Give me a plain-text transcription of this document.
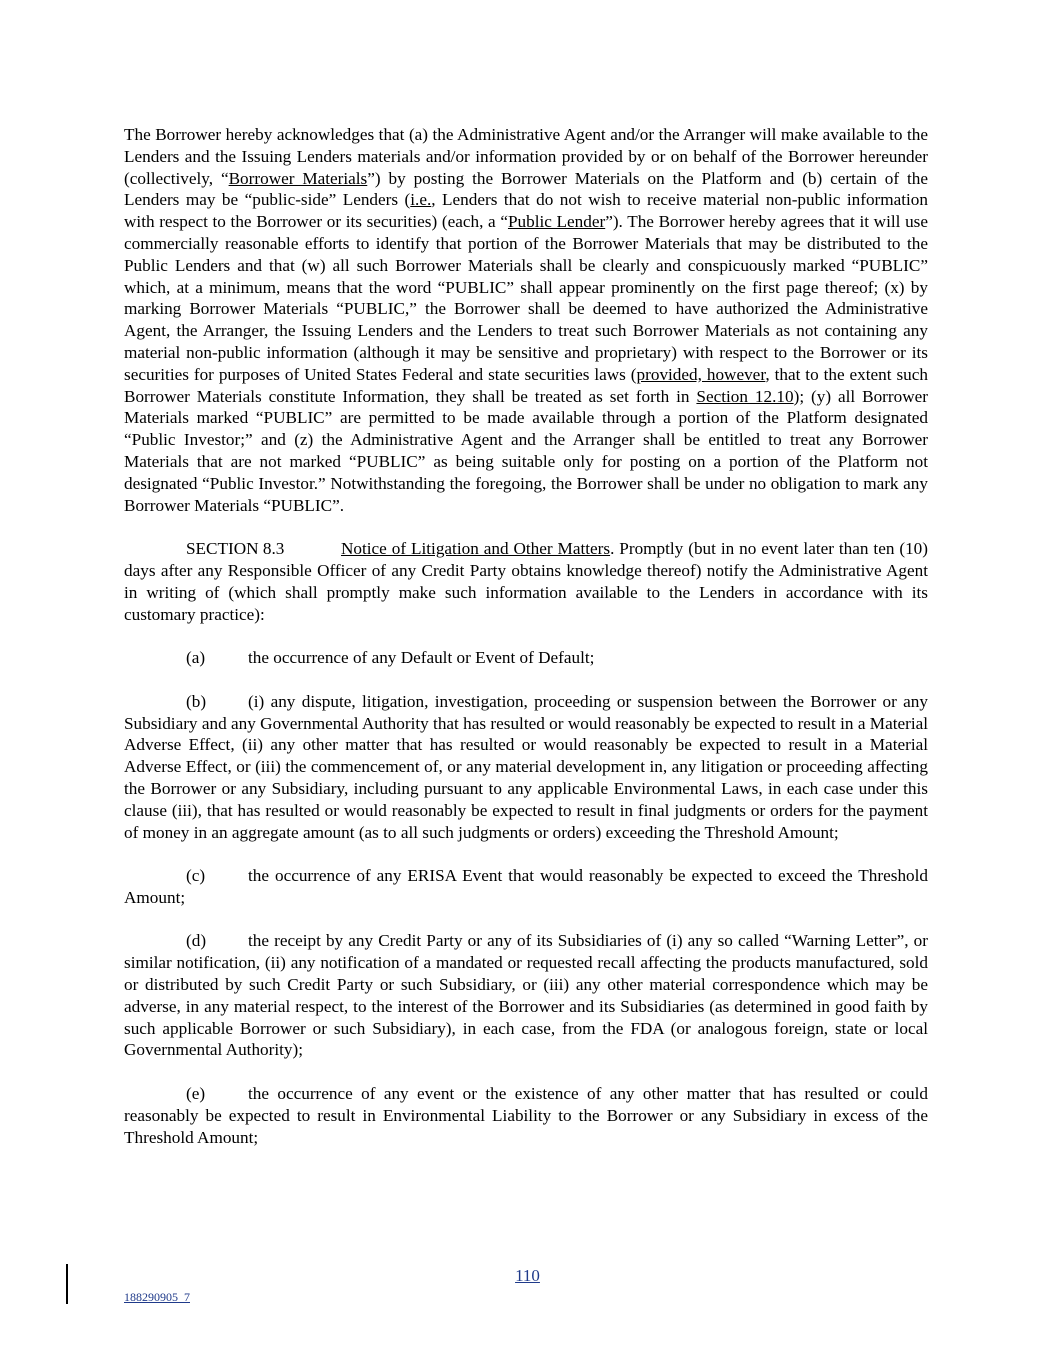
The Borrower hereby acknowledges that (a) the Administrative Agent and/or the Arranger will make available to the Lenders and the Issuing Lenders materials and/or information provided by or on behalf of the Borrower hereunder (collectively, “Borrower Materials”) by posting the Borrower Materials on the Platform and (b) certain of the Lenders may be “public-side” Lenders (i.e., Lenders that do not wish to receive material non-public information with respect to the Borrower or its securities) (each, a “Public Lender”). The Borrower hereby agrees that it will use commercially reasonable efforts to identify that portion of the Borrower Materials that may be distributed to the Public Lenders and that (w) all such Borrower Materials shall be clearly and conspicuously marked “PUBLIC” which, at a minimum, means that the word “PUBLIC” shall appear prominently on the first page thereof; (x) by marking Borrower Materials “PUBLIC,” the Borrower shall be deemed to have authorized the Administrative Agent, the Arranger, the Issuing Lenders and the Lenders to treat such Borrower Materials as not containing any material non-public information (although it may be sensitive and proprietary) with respect to the Borrower or its securities for purposes of United States Federal and state securities laws (provided, however, that to the extent such Borrower Materials constitute Information, they shall be treated as set forth in Section 12.10); (y) all Borrower Materials marked “PUBLIC” are permitted to be made available through a portion of the Platform designated “Public Investor;” and (z) the Administrative Agent and the Arranger shall be entitled to treat any Borrower Materials that are not marked “PUBLIC” as being suitable only for posting on a portion of the Platform not designated “Public Investor.” Notwithstanding the foregoing, the Borrower shall be under no obligation to mark any Borrower Materials “PUBLIC”.

SECTION 8.3	Notice of Litigation and Other Matters. Promptly (but in no event later than ten (10) days after any Responsible Officer of any Credit Party obtains knowledge thereof) notify the Administrative Agent in writing of (which shall promptly make such information available to the Lenders in accordance with its customary practice):

(a) the occurrence of any Default or Event of Default;

(b) (i) any dispute, litigation, investigation, proceeding or suspension between the Borrower or any Subsidiary and any Governmental Authority that has resulted or would reasonably be expected to result in a Material Adverse Effect, (ii) any other matter that has resulted or would reasonably be expected to result in a Material Adverse Effect, or (iii) the commencement of, or any material development in, any litigation or proceeding affecting the Borrower or any Subsidiary, including pursuant to any applicable Environmental Laws, in each case under this clause (iii), that has resulted or would reasonably be expected to result in final judgments or orders for the payment of money in an aggregate amount (as to all such judgments or orders) exceeding the Threshold Amount;

(c) the occurrence of any ERISA Event that would reasonably be expected to exceed the Threshold Amount;

(d) the receipt by any Credit Party or any of its Subsidiaries of (i) any so called “Warning Letter”, or similar notification, (ii) any notification of a mandated or requested recall affecting the products manufactured, sold or distributed by such Credit Party or such Subsidiary, or (iii) any other material correspondence which may be adverse, in any material respect, to the interest of the Borrower and its Subsidiaries (as determined in good faith by such applicable Borrower or such Subsidiary), in each case, from the FDA (or analogous foreign, state or local Governmental Authority);

(e) the occurrence of any event or the existence of any other matter that has resulted or could reasonably be expected to result in Environmental Liability to the Borrower or any Subsidiary in excess of the Threshold Amount;

110
188290905_7
